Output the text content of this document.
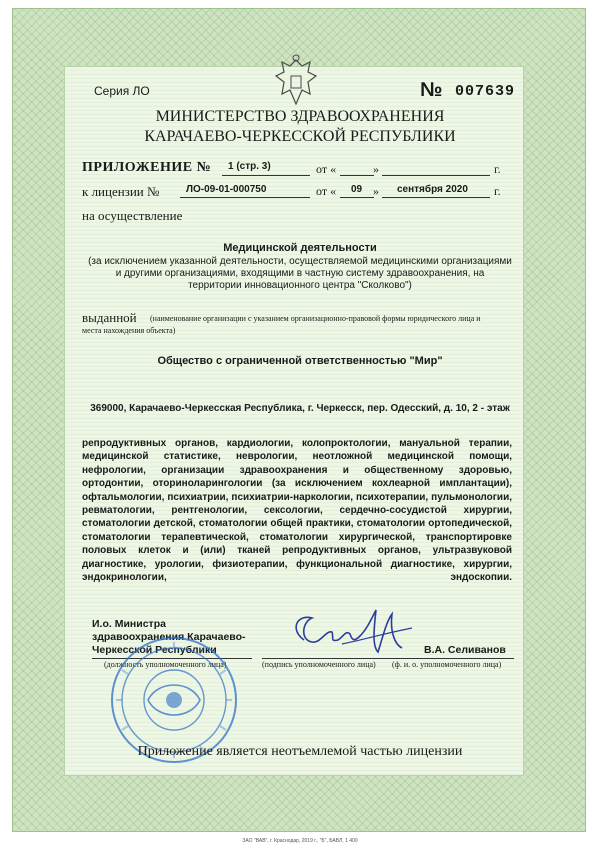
Серия ЛО	№ 007639
МИНИСТЕРСТВО ЗДРАВООХРАНЕНИЯ
КАРАЧАЕВО-ЧЕРКЕССКОЙ РЕСПУБЛИКИ
ПРИЛОЖЕНИЕ № 1 (стр. 3)	от «	»	г.
к лицензии №	ЛО-09-01-000750	от « 09 » сентября 2020 г.
на осуществление
Медицинской деятельности
(за исключением указанной деятельности, осуществляемой медицинскими организациями
и другими организациями, входящими в частную систему здравоохранения, на
территории инновационного центра "Сколково")
выданной (наименование организации с указанием организационно-правовой формы юридического лица и
места нахождения объекта)
Общество с ограниченной ответственностью "Мир"
369000, Карачаево-Черкесская Республика, г. Черкесск, пер. Одесский, д. 10, 2 - этаж
репродуктивных органов, кардиологии, колопроктологии, мануальной терапии, медицинской статистике, неврологии, неотложной медицинской помощи, нефрологии, организации здравоохранения и общественному здоровью, ортодонтии, оториноларингологии (за исключением кохлеарной имплантации), офтальмологии, психиатрии, психиатрии-наркологии, психотерапии, пульмонологии, ревматологии, рентгенологии, сексологии, сердечно-сосудистой хирургии, стоматологии детской, стоматологии общей практики, стоматологии ортопедической, стоматологии терапевтической, стоматологии хирургической, транспортировке половых клеток и (или) тканей репродуктивных органов, ультразвуковой диагностике, урологии, физиотерапии, функциональной диагностике, хирургии, эндокринологии, эндоскопии.
И.о. Министра
здравоохранения Карачаево-
Черкесской Республики
(должность уполномоченного лица)	(подпись уполномоченного лица)
В.А. Селиванов
(ф. и. о. уполномоченного лица)
Приложение является неотъемлемой частью лицензии
ЗАО "ВАВ", г. Краснодар, 2019 г., "Б", БАВЛ, 1 400
